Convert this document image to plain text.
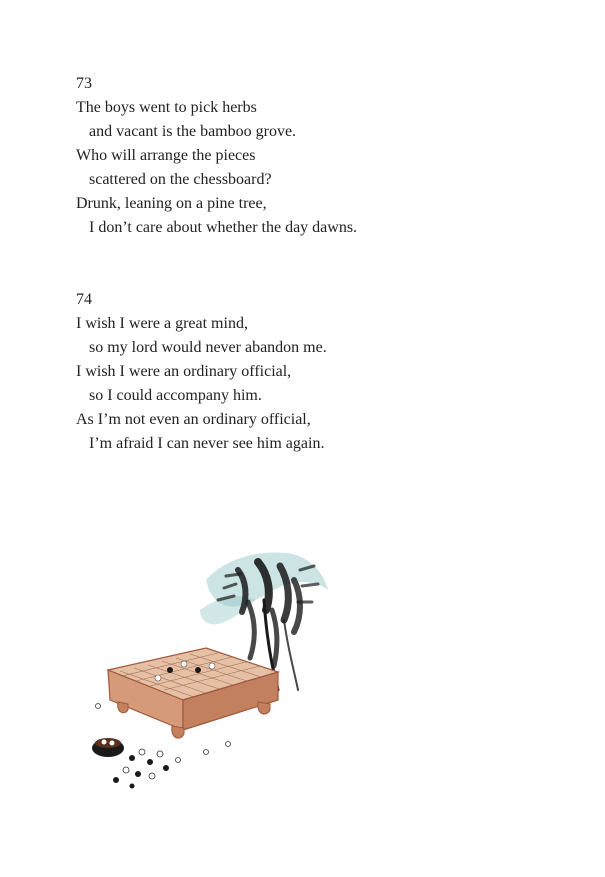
73
The boys went to pick herbs
and vacant is the bamboo grove.
Who will arrange the pieces
scattered on the chessboard?
Drunk, leaning on a pine tree,
I don’t care about whether the day dawns.
74
I wish I were a great mind,
so my lord would never abandon me.
I wish I were an ordinary official,
so I could accompany him.
As I’m not even an ordinary official,
I’m afraid I can never see him again.
